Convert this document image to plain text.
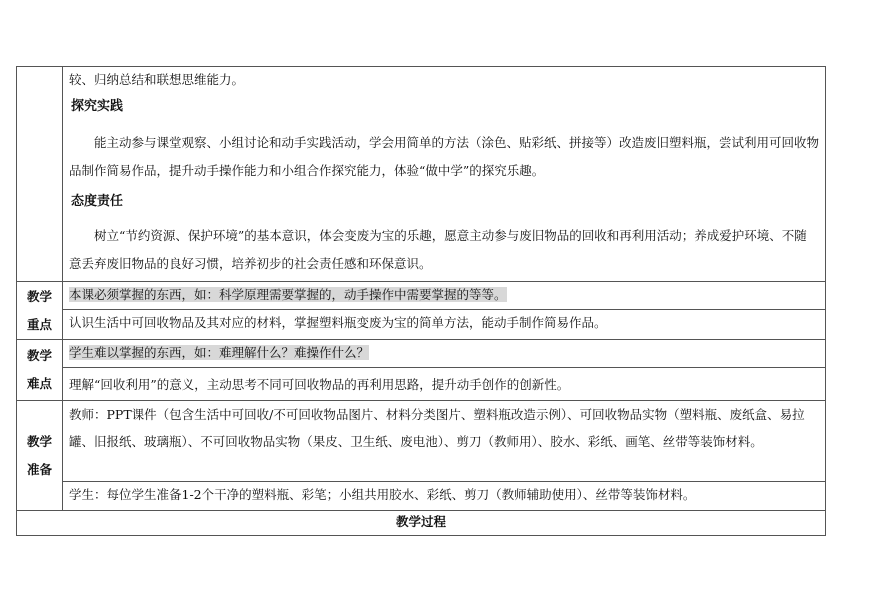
	较、归纳总结和联想思维能力。

探究实践

能主动参与课堂观察、小组讨论和动手实践活动，学会用简单的方法（涂色、贴彩纸、拼接等）改造废旧塑料瓶，尝试利用可回收物品制作简易作品，提升动手操作能力和小组合作探究能力，体验“做中学”的探究乐趣。

态度责任

树立“节约资源、保护环境”的基本意识，体会变废为宝的乐趣，愿意主动参与废旧物品的回收和再利用活动；养成爱护环境、不随意丢弃废旧物品的良好习惯，培养初步的社会责任感和环保意识。

教学
重点	本课必须掌握的东西，如：科学原理需要掌握的，动手操作中需要掌握的等等。

	认识生活中可回收物品及其对应的材料，掌握塑料瓶变废为宝的简单方法，能动手制作简易作品。

教学
难点	学生难以掌握的东西，如：难理解什么？难操作什么？

	理解“回收利用”的意义，主动思考不同可回收物品的再利用思路，提升动手创作的创新性。

教学
准备	教师：PPT课件（包含生活中可回收/不可回收物品图片、材料分类图片、塑料瓶改造示例）、可回收物品实物（塑料瓶、废纸盒、易拉罐、旧报纸、玻璃瓶）、不可回收物品实物（果皮、卫生纸、废电池）、剪刀（教师用）、胶水、彩纸、画笔、丝带等装饰材料。

	学生：每位学生准备1-2个干净的塑料瓶、彩笔；小组共用胶水、彩纸、剪刀（教师辅助使用）、丝带等装饰材料。

教学过程	
